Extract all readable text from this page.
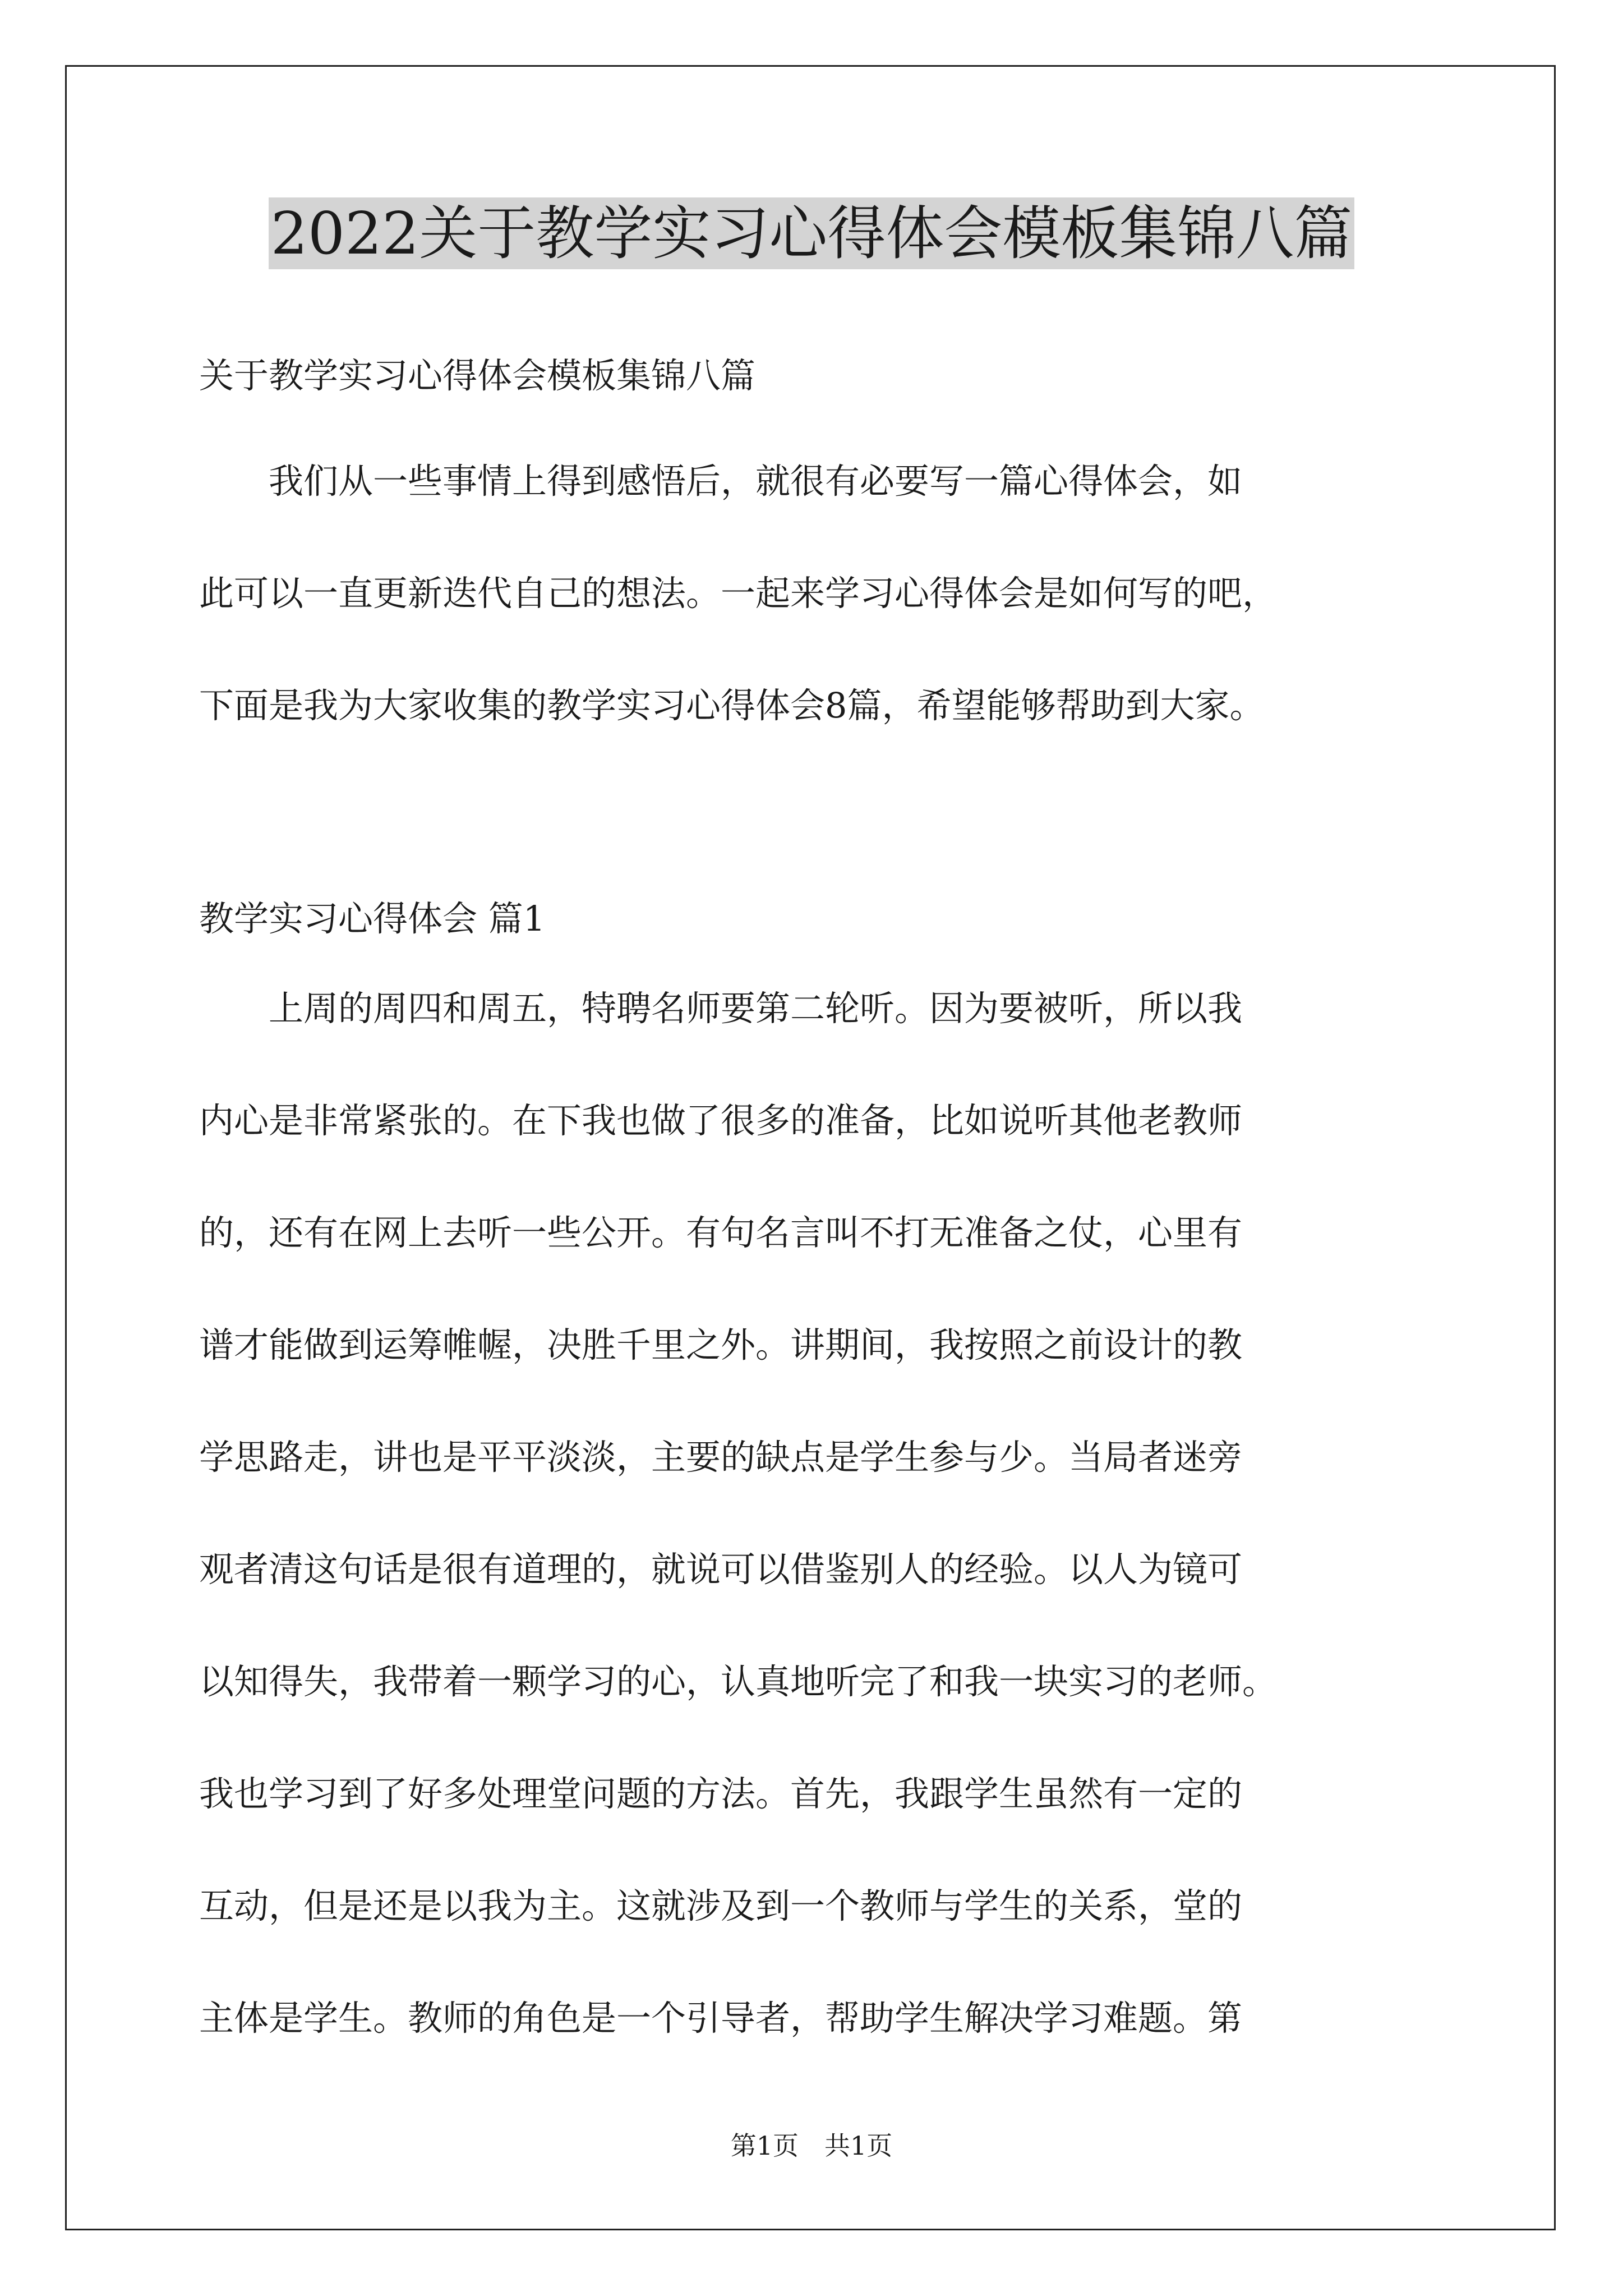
2022关于教学实习心得体会模板集锦八篇
关于教学实习心得体会模板集锦八篇
　　我们从一些事情上得到感悟后，就很有必要写一篇心得体会，如
此可以一直更新迭代自己的想法。一起来学习心得体会是如何写的吧，
下面是我为大家收集的教学实习心得体会8篇，希望能够帮助到大家。
教学实习心得体会 篇1
　　上周的周四和周五，特聘名师要第二轮听。因为要被听，所以我
内心是非常紧张的。在下我也做了很多的准备，比如说听其他老教师
的，还有在网上去听一些公开。有句名言叫不打无准备之仗，心里有
谱才能做到运筹帷幄，决胜千里之外。讲期间，我按照之前设计的教
学思路走，讲也是平平淡淡，主要的缺点是学生参与少。当局者迷旁
观者清这句话是很有道理的，就说可以借鉴别人的经验。以人为镜可
以知得失，我带着一颗学习的心，认真地听完了和我一块实习的老师。
我也学习到了好多处理堂问题的方法。首先，我跟学生虽然有一定的
互动，但是还是以我为主。这就涉及到一个教师与学生的关系，堂的
主体是学生。教师的角色是一个引导者，帮助学生解决学习难题。第
第1页　共1页
